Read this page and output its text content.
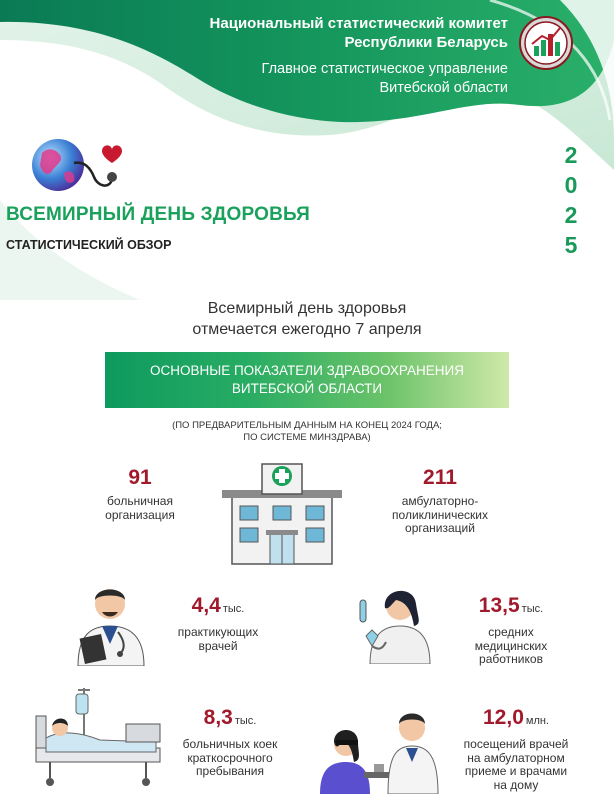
Национальный статистический комитет
Республики Беларусь
Главное статистическое управление
Витебской области
2
0
2
5
ВСЕМИРНЫЙ ДЕНЬ ЗДОРОВЬЯ
СТАТИСТИЧЕСКИЙ ОБЗОР
Всемирный день здоровья
отмечается ежегодно 7 апреля
ОСНОВНЫЕ ПОКАЗАТЕЛИ ЗДРАВООХРАНЕНИЯ
ВИТЕБСКОЙ ОБЛАСТИ
(ПО ПРЕДВАРИТЕЛЬНЫМ ДАННЫМ НА КОНЕЦ 2024 ГОДА;
ПО СИСТЕМЕ МИНЗДРАВА)
91
больничная
организация
211
амбулаторно-
поликлинических
организаций
4,4 тыс.
практикующих
врачей
13,5 тыс.
средних
медицинских
работников
8,3 тыс.
больничных коек
краткосрочного
пребывания
12,0 млн.
посещений врачей
на амбулаторном
приеме и врачами
на дому
